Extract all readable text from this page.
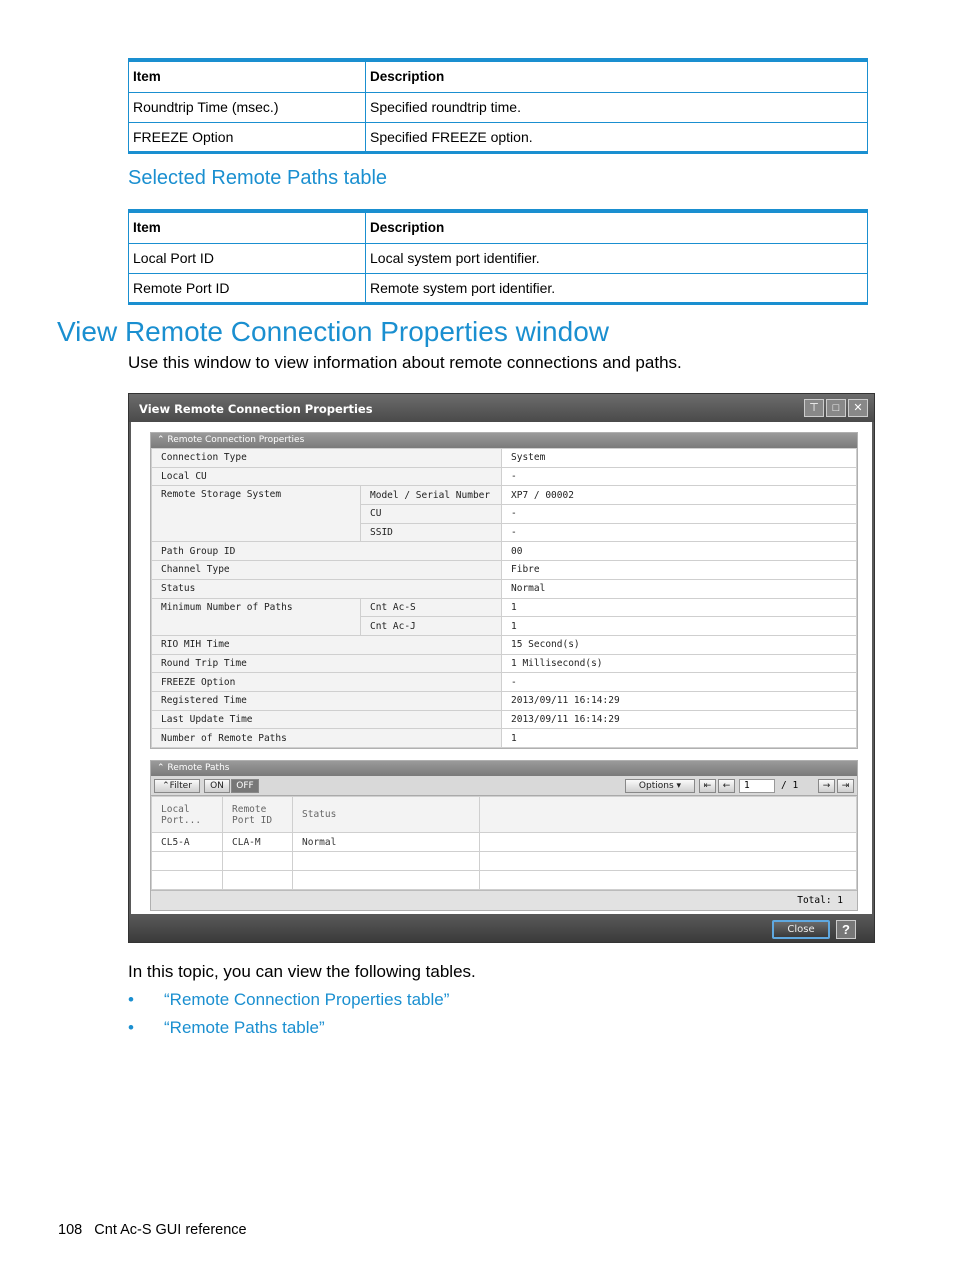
Item	Description
Roundtrip Time (msec.)	Specified roundtrip time.
FREEZE Option	Specified FREEZE option.
Selected Remote Paths table
Item	Description
Local Port ID	Local system port identifier.
Remote Port ID	Remote system port identifier.
View Remote Connection Properties window
Use this window to view information about remote connections and paths.
View Remote Connection Properties	⊤	□	✕
⌃ Remote Connection Properties
Connection Type		System
Local CU		-
Remote Storage System	Model / Serial Number	XP7 / 00002
	CU	-
	SSID	-
Path Group ID		00
Channel Type		Fibre
Status		Normal
Minimum Number of Paths	Cnt Ac-S	1
	Cnt Ac-J	1
RIO MIH Time		15 Second(s)
Round Trip Time		1 Millisecond(s)
FREEZE Option		-
Registered Time		2013/09/11 16:14:29
Last Update Time		2013/09/11 16:14:29
Number of Remote Paths		1
⌃ Remote Paths
⌃Filter	ON	OFF	Options ▾	⇤	←	1	/ 1	→	⇥
Local Port...	Remote Port ID	Status	
CL5-A	CLA-M	Normal	

Total: 1
Close	?
In this topic, you can view the following tables.
• “Remote Connection Properties table”
• “Remote Paths table”
108   Cnt Ac-S GUI reference
